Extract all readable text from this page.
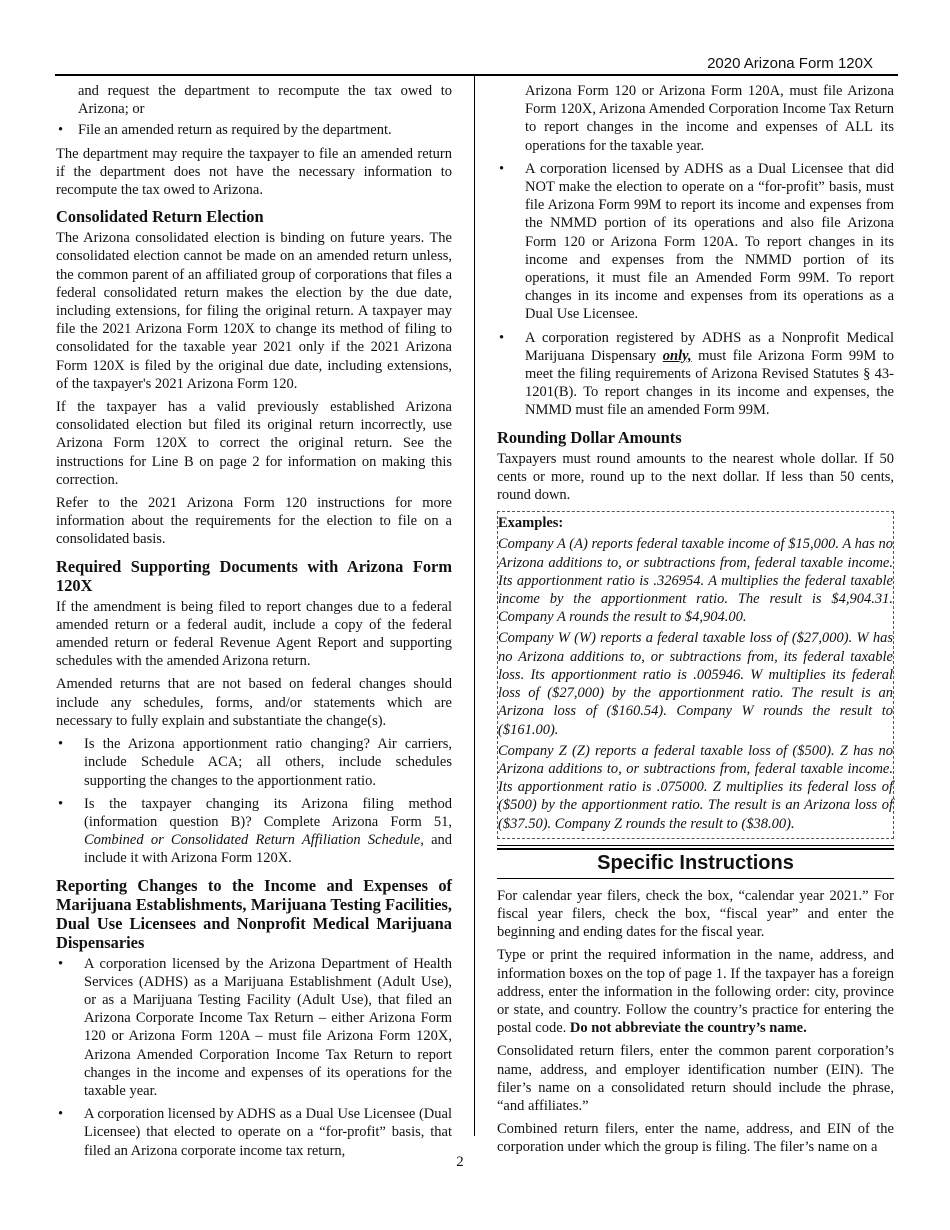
2020 Arizona Form 120X
and request the department to recompute the tax owed to Arizona; or
• File an amended return as required by the department.

The department may require the taxpayer to file an amended return if the department does not have the necessary information to recompute the tax owed to Arizona.

Consolidated Return Election

The Arizona consolidated election is binding on future years. The consolidated election cannot be made on an amended return unless, the common parent of an affiliated group of corporations that files a federal consolidated return makes the election by the due date, including extensions, for filing the original return. A taxpayer may file the 2021 Arizona Form 120X to change its method of filing to consolidated for the taxable year 2021 only if the 2021 Arizona Form 120X is filed by the original due date, including extensions, of the taxpayer's 2021 Arizona Form 120.

If the taxpayer has a valid previously established Arizona consolidated election but filed its original return incorrectly, use Arizona Form 120X to correct the original return. See the instructions for Line B on page 2 for information on making this correction.

Refer to the 2021 Arizona Form 120 instructions for more information about the requirements for the election to file on a consolidated basis.

Required Supporting Documents with Arizona Form 120X

If the amendment is being filed to report changes due to a federal amended return or a federal audit, include a copy of the federal amended return or federal Revenue Agent Report and supporting schedules with the amended Arizona return.

Amended returns that are not based on federal changes should include any schedules, forms, and/or statements which are necessary to fully explain and substantiate the change(s).

• Is the Arizona apportionment ratio changing? Air carriers, include Schedule ACA; all others, include schedules supporting the changes to the apportionment ratio.
• Is the taxpayer changing its Arizona filing method (information question B)? Complete Arizona Form 51, Combined or Consolidated Return Affiliation Schedule, and include it with Arizona Form 120X.
Reporting Changes to the Income and Expenses of Marijuana Establishments, Marijuana Testing Facilities, Dual Use Licensees and Nonprofit Medical Marijuana Dispensaries
• A corporation licensed by the Arizona Department of Health Services (ADHS) as a Marijuana Establishment (Adult Use), or as a Marijuana Testing Facility (Adult Use), that filed an Arizona Corporate Income Tax Return – either Arizona Form 120 or Arizona Form 120A – must file Arizona Form 120X, Arizona Amended Corporation Income Tax Return to report changes in the income and expenses of its operations for the taxable year.
• A corporation licensed by ADHS as a Dual Use Licensee (Dual Licensee) that elected to operate on a “for-profit” basis, that filed an Arizona corporate income tax return,
Arizona Form 120 or Arizona Form 120A, must file Arizona Form 120X, Arizona Amended Corporation Income Tax Return to report changes in the income and expenses of ALL its operations for the taxable year.
• A corporation licensed by ADHS as a Dual Licensee that did NOT make the election to operate on a “for-profit” basis, must file Arizona Form 99M to report its income and expenses from the NMMD portion of its operations and also file Arizona Form 120 or Arizona Form 120A. To report changes in its income and expenses from the NMMD portion of its operations, it must file an Amended Form 99M. To report changes in its income and expenses from its operations as a Dual Use Licensee.
• A corporation registered by ADHS as a Nonprofit Medical Marijuana Dispensary only, must file Arizona Form 99M to meet the filing requirements of Arizona Revised Statutes § 43-1201(B). To report changes in its income and expenses, the NMMD must file an amended Form 99M.
Rounding Dollar Amounts

Taxpayers must round amounts to the nearest whole dollar. If 50 cents or more, round up to the next dollar. If less than 50 cents, round down.

Examples:

Company A (A) reports federal taxable income of $15,000. A has no Arizona additions to, or subtractions from, federal taxable income. Its apportionment ratio is .326954. A multiplies the federal taxable income by the apportionment ratio. The result is $4,904.31. Company A rounds the result to $4,904.00.

Company W (W) reports a federal taxable loss of ($27,000). W has no Arizona additions to, or subtractions from, its federal taxable loss. Its apportionment ratio is .005946. W multiplies its federal loss of ($27,000) by the apportionment ratio. The result is an Arizona loss of ($160.54). Company W rounds the result to ($161.00).

Company Z (Z) reports a federal taxable loss of ($500). Z has no Arizona additions to, or subtractions from, federal taxable income. Its apportionment ratio is .075000. Z multiplies its federal loss of ($500) by the apportionment ratio. The result is an Arizona loss of ($37.50). Company Z rounds the result to ($38.00).

Specific Instructions

For calendar year filers, check the box, “calendar year 2021.” For fiscal year filers, check the box, “fiscal year” and enter the beginning and ending dates for the fiscal year.

Type or print the required information in the name, address, and information boxes on the top of page 1. If the taxpayer has a foreign address, enter the information in the following order: city, province or state, and country. Follow the country’s practice for entering the postal code. Do not abbreviate the country’s name.

Consolidated return filers, enter the common parent corporation’s name, address, and employer identification number (EIN). The filer’s name on a consolidated return should include the phrase, “and affiliates.”

Combined return filers, enter the name, address, and EIN of the corporation under which the group is filing. The filer’s name on a

2
